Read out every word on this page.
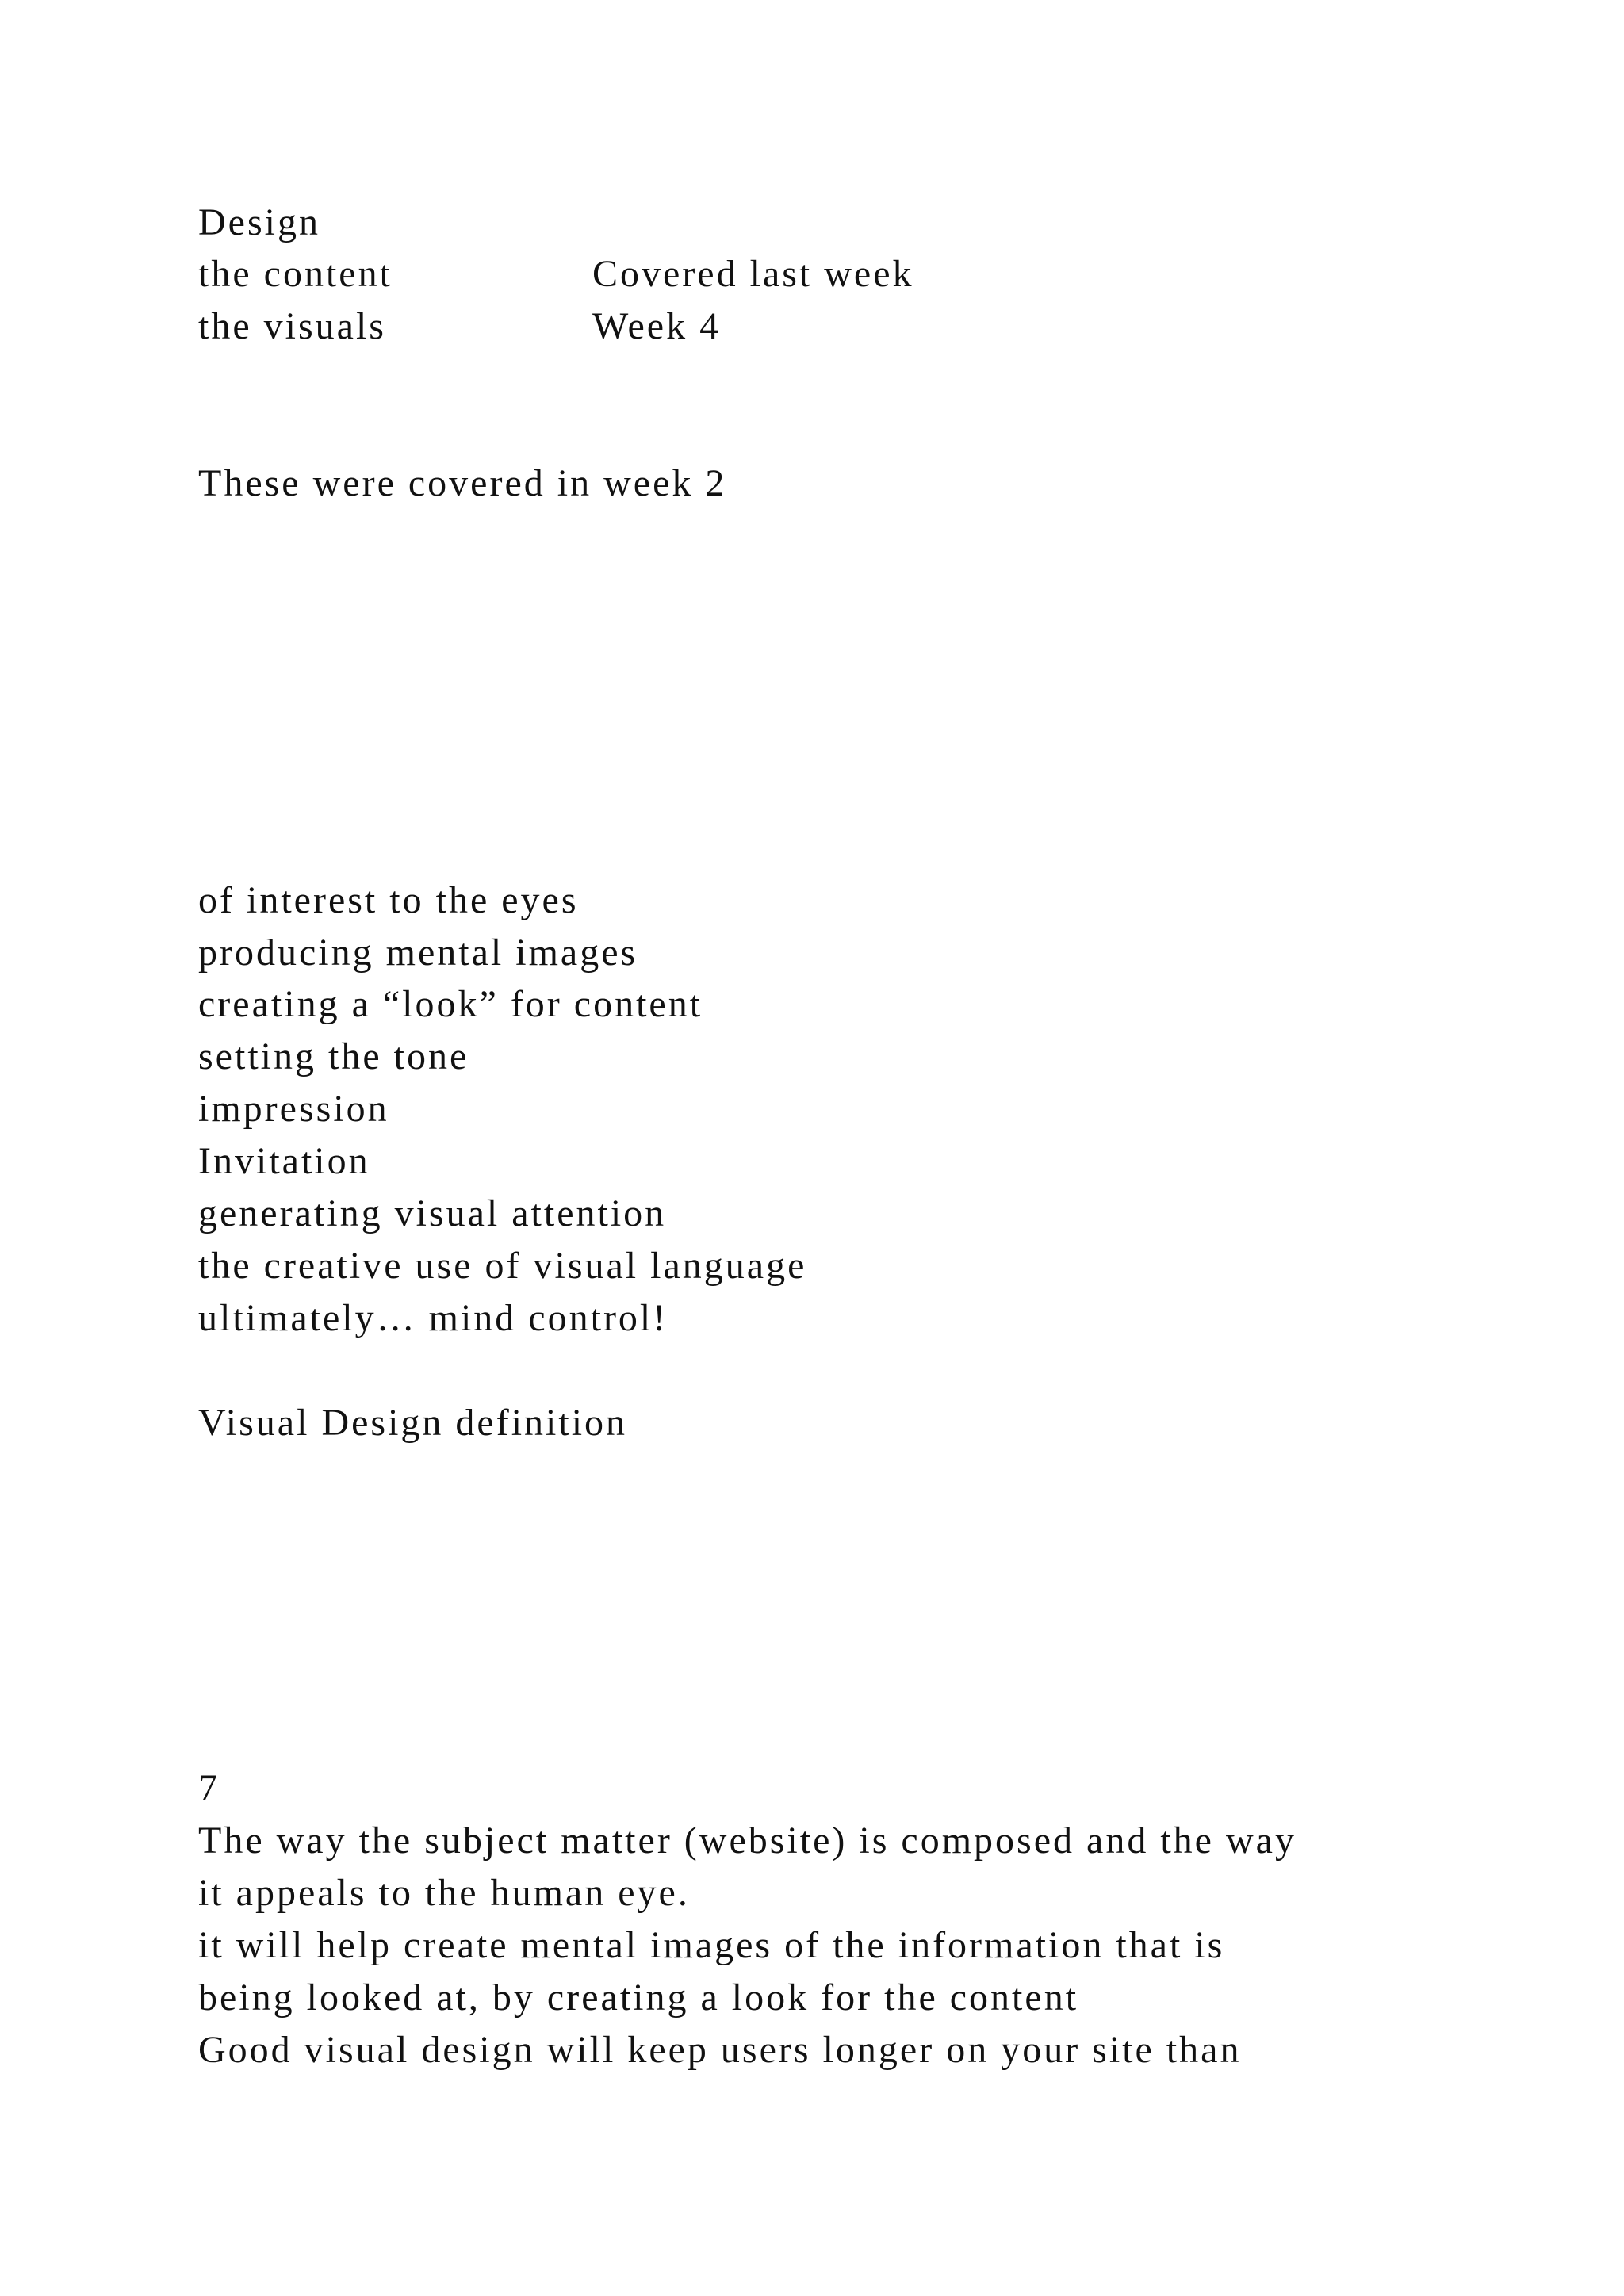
Design
the content	Covered last week
the visuals	Week 4
These were covered in week 2
of interest to the eyes
producing mental images
creating a “look” for content
setting the tone
impression
Invitation
generating visual attention
the creative use of visual language
ultimately… mind control!
Visual Design definition
7
The way the subject matter (website) is composed and the way
it appeals to the human eye.
it will help create mental images of the information that is
being looked at, by creating a look for the content
Good visual design will keep users longer on your site than
